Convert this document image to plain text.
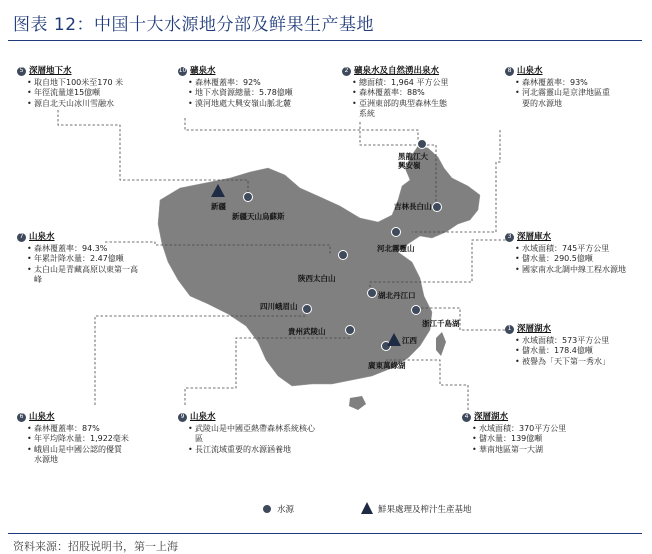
图表 12：中国十大水源地分部及鲜果生产基地
黑龍江大興安嶺
新疆
新疆天山烏蘇斯
吉林長白山
河北霧靈山
陝西太白山
湖北丹江口
四川峨眉山
浙江千島湖
貴州武陵山
江西
廣東萬綠湖
5 深層地下水
• 取自地下100米至170 米
• 年徑流量達15億噸
• 源自北天山冰川雪融水
10 礦泉水
• 森林覆蓋率：92%
• 地下水資源總量：5.78億噸
• 漠河地處大興安嶺山脈北麓
2 礦泉水及自然湧出泉水
• 總面積：1,964 平方公里
• 森林覆蓋率：88%
• 亞洲東部的典型森林生態系統
8 山泉水
• 森林覆蓋率：93%
• 河北霧靈山是京津地區重要的水源地
7 山泉水
• 森林覆蓋率：94.3%
• 年累計降水量：2.47億噸
• 太白山是青藏高原以東第一高峰
3 深層庫水
• 水域面積：745平方公里
• 儲水量：290.5億噸
• 國家南水北調中線工程水源地
1 深層湖水
• 水域面積：573平方公里
• 儲水量：178.4億噸
• 被譽為「天下第一秀水」
6 山泉水
• 森林覆蓋率：87%
• 年平均降水量：1,922毫米
• 峨眉山是中國公認的優質水源地
9 山泉水
• 武陵山是中國亞熱帶森林系統核心區
• 長江流域重要的水源涵養地
4 深層湖水
• 水域面積：370平方公里
• 儲水量：139億噸
• 華南地區第一大湖
水源	鮮果處理及榨汁生產基地
资料来源：招股说明书，第一上海
